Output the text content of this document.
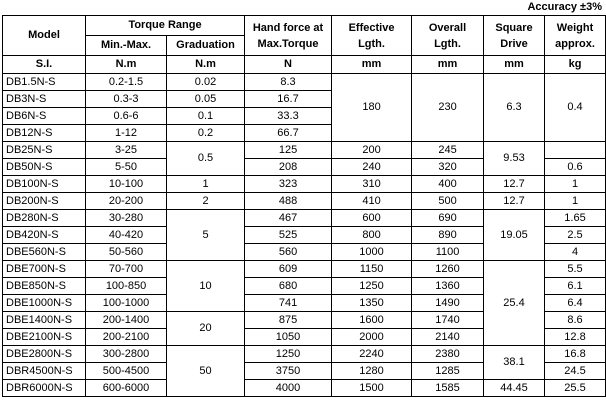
Accuracy ±3%
Model	Torque Range		Hand force at Max.Torque	Effective Lgth.	Overall Lgth.	Square Drive	Weight approx.
	Min.-Max.	Graduation					
S.I.	N.m	N.m	N	mm	mm	mm	kg
DB1.5N-S	0.2-1.5	0.02	8.3	180	230	6.3	0.4
DB3N-S	0.3-3	0.05	16.7				
DB6N-S	0.6-6	0.1	33.3				
DB12N-S	1-12	0.2	66.7				
DB25N-S	3-25	0.5	125	200	245	9.53	
DB50N-S	5-50		208	240	320		0.6
DB100N-S	10-100	1	323	310	400	12.7	1
DB200N-S	20-200	2	488	410	500	12.7	1
DB280N-S	30-280	5	467	600	690	19.05	1.65
DB420N-S	40-420		525	800	890		2.5
DBE560N-S	50-560		560	1000	1100		4
DBE700N-S	70-700	10	609	1150	1260	25.4	5.5
DBE850N-S	100-850		680	1250	1360		6.1
DBE1000N-S	100-1000		741	1350	1490		6.4
DBE1400N-S	200-1400	20	875	1600	1740		8.6
DBE2100N-S	200-2100		1050	2000	2140		12.8
DBE2800N-S	300-2800	50	1250	2240	2380	38.1	16.8
DBR4500N-S	500-4500		3750	1280	1285		24.5
DBR6000N-S	600-6000		4000	1500	1585	44.45	25.5
